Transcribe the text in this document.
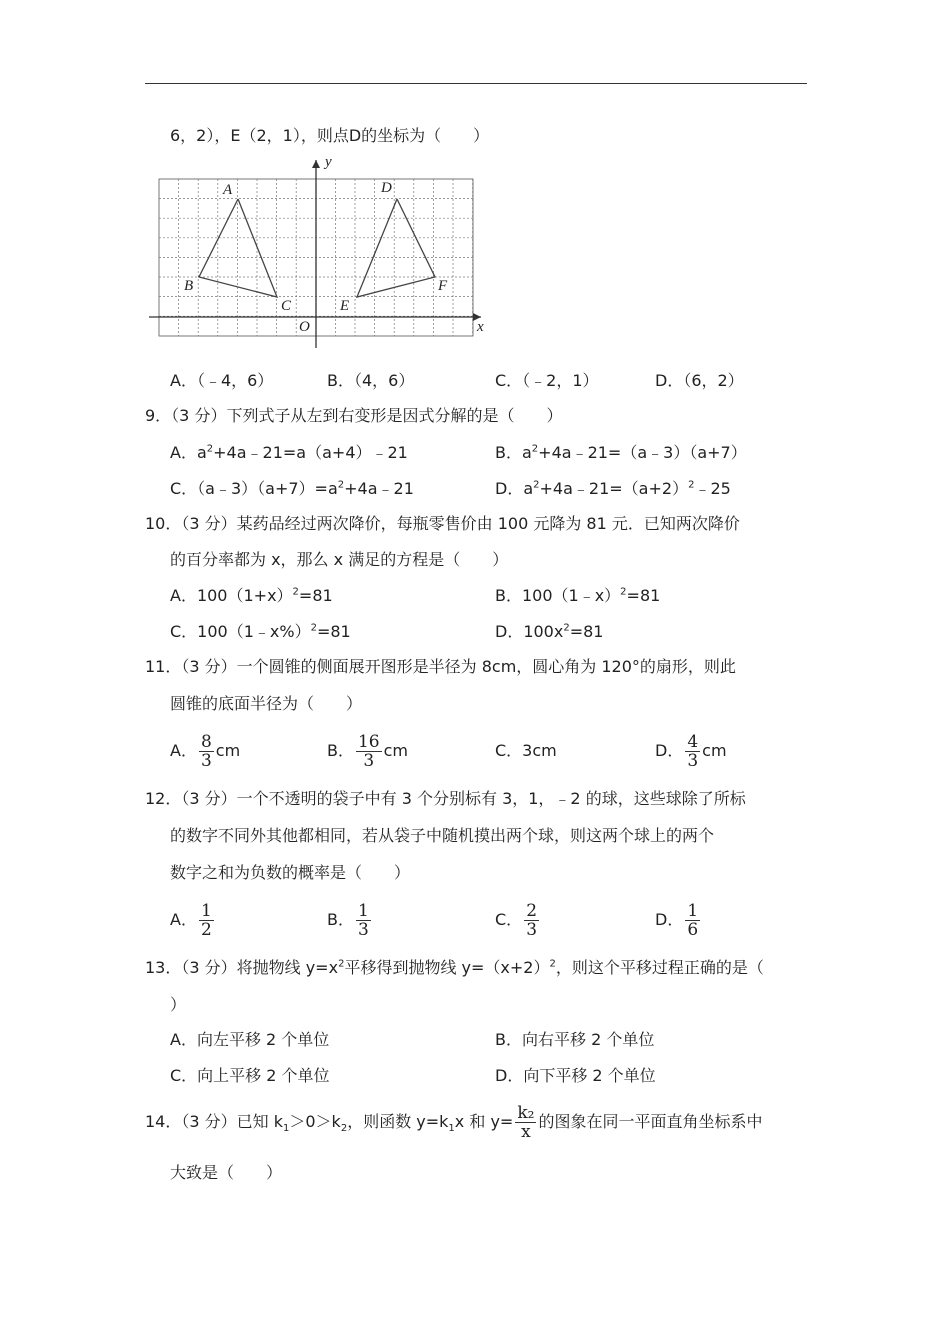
6，2），E（2，1），则点D的坐标为（　　）
y
x
O
A
B
C
D
E
F
A．（﹣4，6）	B．（4，6）	C．（﹣2，1）	D．（6，2）
9．（3 分）下列式子从左到右变形是因式分解的是（　　）
A．$a^2+4a﹣21=a(a+4)﹣21$	B．$a^2+4a﹣21=(a﹣3)(a+7)$
C．$(a﹣3)(a+7)=a^2+4a﹣21$	D．$a^2+4a﹣21=(a+2)^2﹣25$
10．（3 分）某药品经过两次降价，每瓶零售价由 100 元降为 81 元．已知两次降价
的百分率都为 x，那么 x 满足的方程是（　　）
A．$100(1+x)^2=81$	B．100（1﹣x）$^2$=81
C．100（1﹣x%）$^2$=81	D．$100x^2=81$
11．（3 分）一个圆锥的侧面展开图形是半径为 8cm，圆心角为 120°的扇形，则此
圆锥的底面半径为（　　）
A． $\frac{8}{3}$ cm	B． $\frac{16}{3}$ cm	C．3cm	D． $\frac{4}{3}$ cm
12．（3 分）一个不透明的袋子中有 3 个分别标有 3，1，﹣2 的球，这些球除了所标
的数字不同外其他都相同，若从袋子中随机摸出两个球，则这两个球上的两个
数字之和为负数的概率是（　　）
A． $\frac{1}{2}$	B． $\frac{1}{3}$	C． $\frac{2}{3}$	D． $\frac{1}{6}$
13．（3 分）将抛物线 $y=x^2$平移得到抛物线 $y=(x+2)^2$，则这个平移过程正确的是（
）
A．向左平移 2 个单位	B．向右平移 2 个单位
C．向上平移 2 个单位	D．向下平移 2 个单位
14．（3 分）已知 $k_1>0>k_2$，则函数 $y=k_1x$ 和 $y= \frac{\text{k₂}}{x}$ 的图象在同一平面直角坐标系中
大致是（　　）
